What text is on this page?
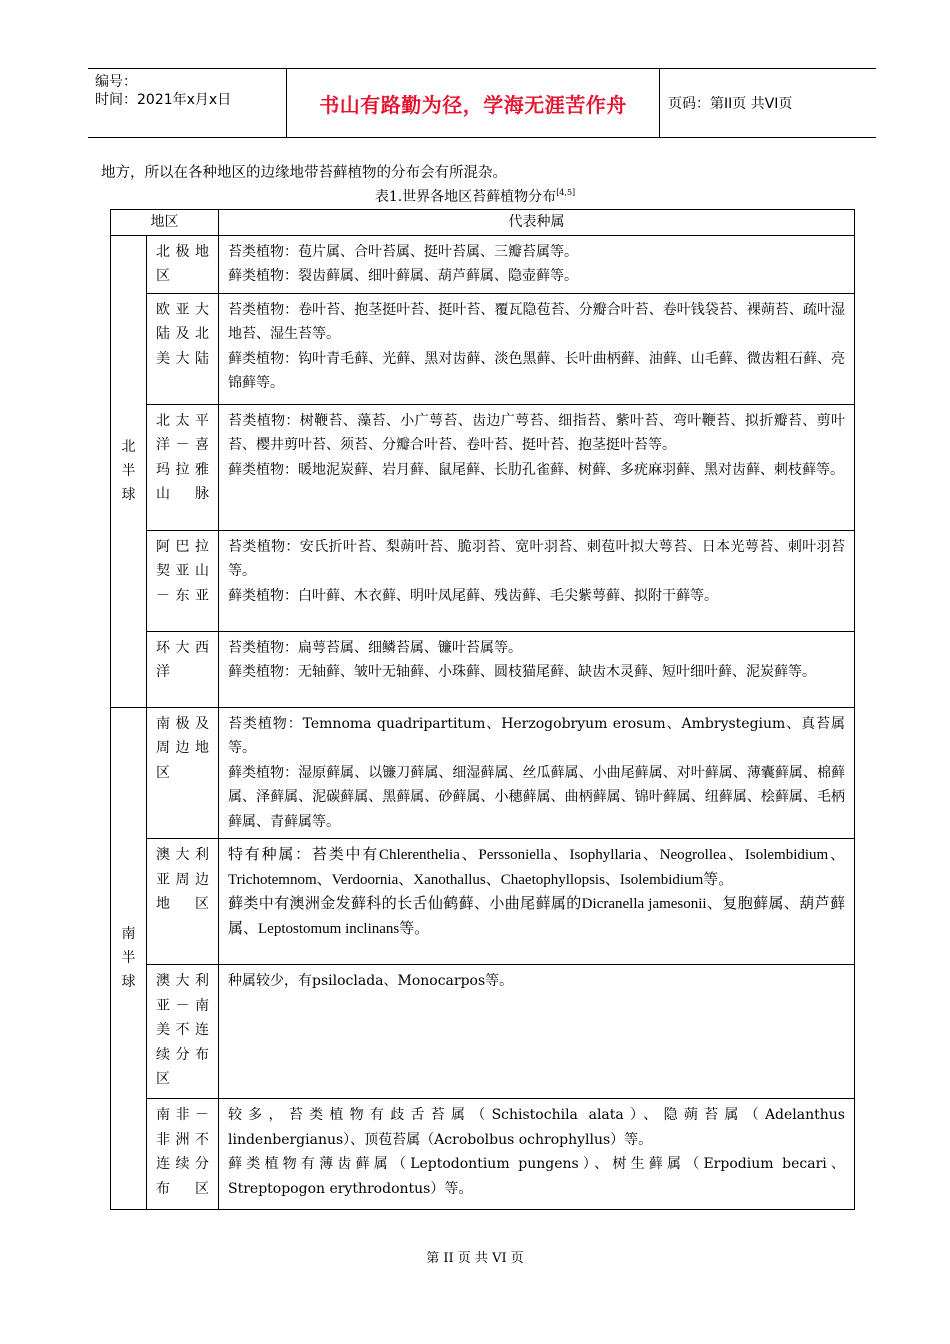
编号：
时间：2021年x月x日	书山有路勤为径，学海无涯苦作舟	页码：第II页 共VI页
地方，所以在各种地区的边缘地带苔藓植物的分布会有所混杂。
表1.世界各地区苔藓植物分布[4,5]
地区		代表种属

北半球	北极地区	苔类植物：苞片属、合叶苔属、挺叶苔属、三瓣苔属等。

藓类植物：裂齿藓属、细叶藓属、葫芦藓属、隐壶藓等。

	欧亚大陆及北美大陆	苔类植物：卷叶苔、抱茎挺叶苔、挺叶苔、覆瓦隐苞苔、分瓣合叶苔、卷叶钱袋苔、裸蒴苔、疏叶湿地苔、湿生苔等。

藓类植物：钩叶青毛藓、光藓、黑对齿藓、淡色黑藓、长叶曲柄藓、油藓、山毛藓、微齿粗石藓、亮锦藓等。

	北太平洋－喜玛拉雅山脉	苔类植物：树鞭苔、藻苔、小广萼苔、齿边广萼苔、细指苔、紫叶苔、弯叶鞭苔、拟折瓣苔、剪叶苔、樱井剪叶苔、须苔、分瓣合叶苔、卷叶苔、挺叶苔、抱茎挺叶苔等。

藓类植物：暖地泥炭藓、岩月藓、鼠尾藓、长肋孔雀藓、树藓、多疣麻羽藓、黑对齿藓、刺枝藓等。

	阿巴拉契亚山－东亚	苔类植物：安氏折叶苔、梨蒴叶苔、脆羽苔、宽叶羽苔、刺苞叶拟大萼苔、日本光萼苔、刺叶羽苔等。

藓类植物：白叶藓、木衣藓、明叶凤尾藓、残齿藓、毛尖紫萼藓、拟附干藓等。

	环大西洋	苔类植物：扁萼苔属、细鳞苔属、镰叶苔属等。

藓类植物：无轴藓、皱叶无轴藓、小珠藓、圆枝猫尾藓、缺齿木灵藓、短叶细叶藓、泥炭藓等。

南半球	南极及周边地区	苔类植物：Temnoma quadripartitum、Herzogobryum erosum、Ambrystegium、真苔属等。

藓类植物：湿原藓属、以镰刀藓属、细湿藓属、丝瓜藓属、小曲尾藓属、对叶藓属、薄囊藓属、棉藓属、泽藓属、泥碳藓属、黑藓属、砂藓属、小穗藓属、曲柄藓属、锦叶藓属、纽藓属、桧藓属、毛柄藓属、青藓属等。

	澳大利亚周边地区	特有种属：苔类中有Chlerenthelia、Perssoniella、Isophyllaria、Neogrollea、Isolembidium、Trichotemnom、Verdoornia、Xanothallus、Chaetophyllopsis、Isolembidium等。

藓类中有澳洲金发藓科的长舌仙鹤藓、小曲尾藓属的Dicranella jamesonii、复胞藓属、葫芦藓属、Leptostomum inclinans等。

	澳大利亚－南美不连续分布区	种属较少，有psiloclada、Monocarpos等。

	南非－非洲不连续分布区	较多，苔类植物有歧舌苔属（Schistochila alata）、隐蒴苔属（Adelanthus lindenbergianus）、顶苞苔属（Acrobolbus ochrophyllus）等。

藓类植物有薄齿藓属（Leptodontium pungens）、树生藓属（Erpodium becari、Streptopogon erythrodontus）等。

第 II 页 共 VI 页
